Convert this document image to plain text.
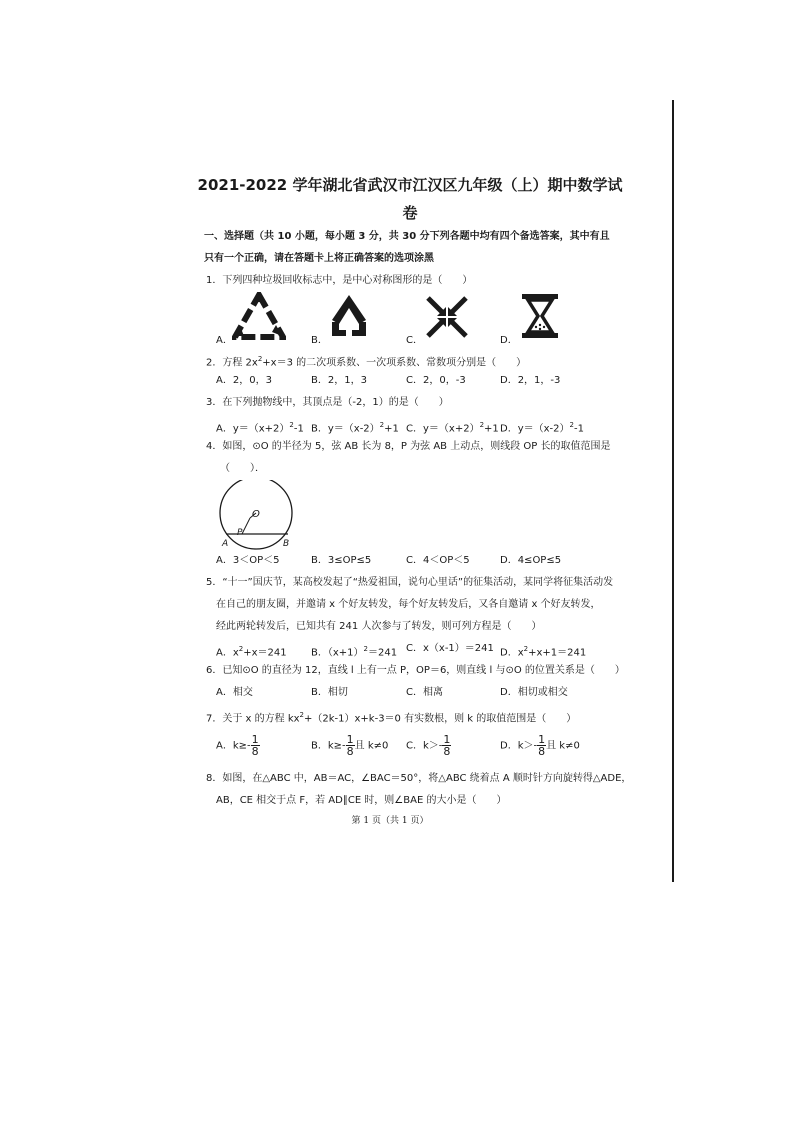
2021-2022 学年湖北省武汉市江汉区九年级（上）期中数学试
卷
一、选择题（共 10 小题，每小题 3 分，共 30 分下列各题中均有四个备选答案，其中有且
只有一个正确，请在答题卡上将正确答案的选项涂黑
1．下列四种垃圾回收标志中，是中心对称图形的是（　　）
A．	B．	C．	D．
2．方程 $2x^2+x=3$ 的二次项系数、一次项系数、常数项分别是（　　）
A．2，0，3	B．2，1，3	C．2，0，-3	D．2，1，-3
3．在下列抛物线中，其顶点是（-2，1）的是（　　）
A．$y=(x+2)^2-1$ B．$y=(x-2)^2+1$ C．$y=(x+2)^2+1$ D．$y=(x-2)^2-1$
4．如图，⊙O 的半径为 5，弦 AB 长为 8，P 为弦 AB 上动点，则线段 OP 长的取值范围是
（　　）．
O
P
A	B
A．3＜OP＜5	B．3≤OP≤5	C．4＜OP＜5	D．4≤OP≤5
5．“十一”国庆节，某高校发起了“热爱祖国，说句心里话”的征集活动，某同学将征集活动发
在自己的朋友圈，并邀请 x 个好友转发，每个好友转发后，又各自邀请 x 个好友转发，
经此两轮转发后，已知共有 241 人次参与了转发，则可列方程是（　　）
A．$x^2+x=241$ B．$(x+1)^2=241$ C．x（x-1）＝241 D．$x^2+x+1=241$
6．已知⊙O 的直径为 12，直线 l 上有一点 P，OP＝6，则直线 l 与⊙O 的位置关系是（　　）
A．相交	B．相切	C．相离	D．相切或相交
7．关于 x 的方程 $kx^2+(2k-1)x+k-3=0$ 有实数根，则 k 的取值范围是（　　）
A．$k\ge- \frac{1}{8}$	B．$k\ge- \frac{1}{8}$ 且 k≠0 C．$k>- \frac{1}{8}$	D．$k>- \frac{1}{8}$ 且 k≠0
8．如图，在△ABC 中，AB＝AC，∠BAC＝50°，将△ABC 绕着点 A 顺时针方向旋转得△ADE，
AB，CE 相交于点 F，若 AD∥CE 时，则∠BAE 的大小是（　　）
第 1 页（共 1 页）
